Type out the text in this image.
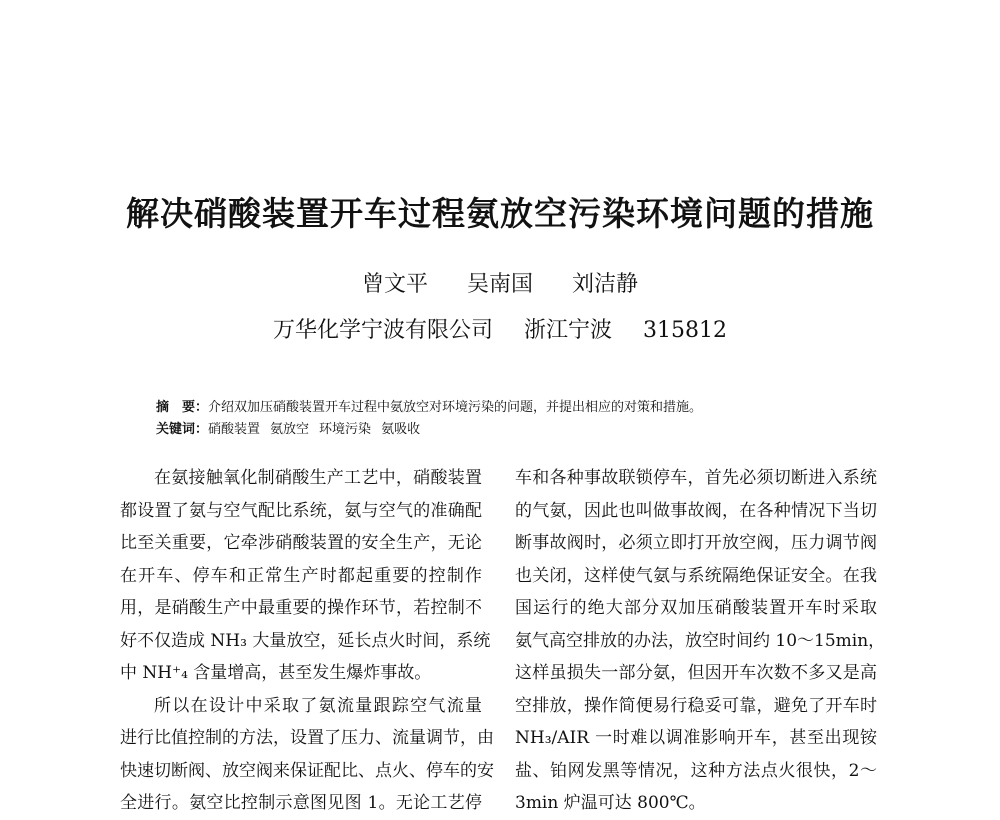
解决硝酸装置开车过程氨放空污染环境问题的措施
曾文平 吴南国 刘洁静
万华化学宁波有限公司 浙江宁波 315812
摘　要：介绍双加压硝酸装置开车过程中氨放空对环境污染的问题，并提出相应的对策和措施。
关键词：硝酸装置 氨放空 环境污染 氨吸收
在氨接触氧化制硝酸生产工艺中，硝酸装置
都设置了氨与空气配比系统，氨与空气的准确配
比至关重要，它牵涉硝酸装置的安全生产，无论
在开车、停车和正常生产时都起重要的控制作
用，是硝酸生产中最重要的操作环节，若控制不
好不仅造成 NH₃ 大量放空，延长点火时间，系统
中 NH⁺₄ 含量增高，甚至发生爆炸事故。
所以在设计中采取了氨流量跟踪空气流量
进行比值控制的方法，设置了压力、流量调节，由
快速切断阀、放空阀来保证配比、点火、停车的安
全进行。氨空比控制示意图见图 1。无论工艺停
车和各种事故联锁停车，首先必须切断进入系统
的气氨，因此也叫做事故阀，在各种情况下当切
断事故阀时，必须立即打开放空阀，压力调节阀
也关闭，这样使气氨与系统隔绝保证安全。在我
国运行的绝大部分双加压硝酸装置开车时采取
氨气高空排放的办法，放空时间约 10～15min，
这样虽损失一部分氨，但因开车次数不多又是高
空排放，操作简便易行稳妥可靠，避免了开车时
NH₃/AIR 一时难以调准影响开车，甚至出现铵
盐、铂网发黑等情况，这种方法点火很快，2～
3min 炉温可达 800℃。
